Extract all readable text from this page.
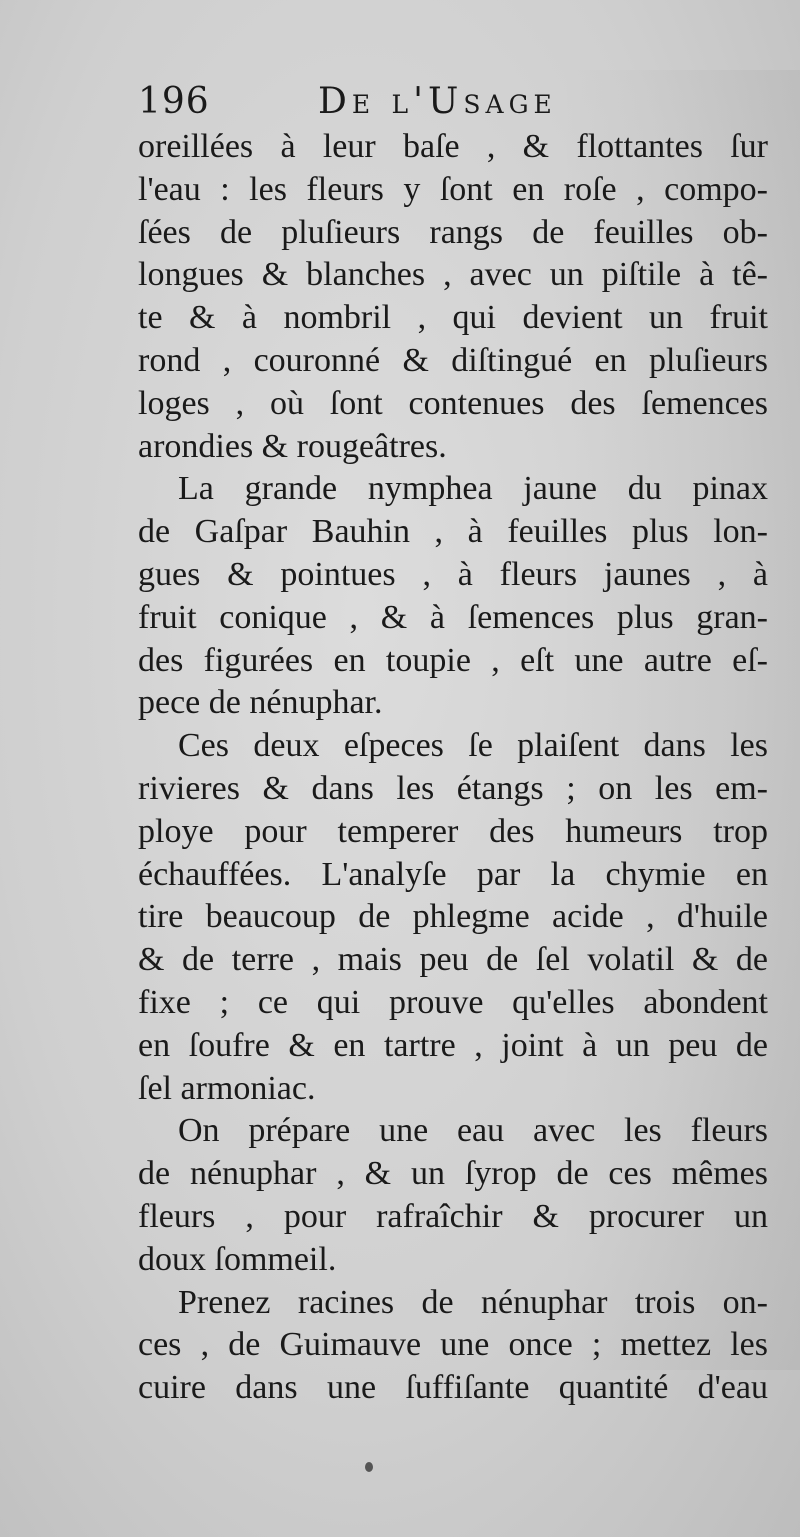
196	De l'Usage
oreillées à leur baſe , & flottantes ſur
l'eau : les fleurs y ſont en roſe , compo-
ſées de pluſieurs rangs de feuilles ob-
longues & blanches , avec un piſtile à tê-
te & à nombril , qui devient un fruit
rond , couronné & diſtingué en pluſieurs
loges , où ſont contenues des ſemences
arondies & rougeâtres.
La grande nymphea jaune du pinax
de Gaſpar Bauhin , à feuilles plus lon-
gues & pointues , à fleurs jaunes , à
fruit conique , & à ſemences plus gran-
des figurées en toupie , eſt une autre eſ-
pece de nénuphar.
Ces deux eſpeces ſe plaiſent dans les
rivieres & dans les étangs ; on les em-
ploye pour temperer des humeurs trop
échauffées. L'analyſe par la chymie en
tire beaucoup de phlegme acide , d'huile
& de terre , mais peu de ſel volatil & de
fixe ; ce qui prouve qu'elles abondent
en ſoufre & en tartre , joint à un peu de
ſel armoniac.
On prépare une eau avec les fleurs
de nénuphar , & un ſyrop de ces mêmes
fleurs , pour rafraîchir & procurer un
doux ſommeil.
Prenez racines de nénuphar trois on-
ces , de Guimauve une once ; mettez les
cuire dans une ſuffiſante quantité d'eau
